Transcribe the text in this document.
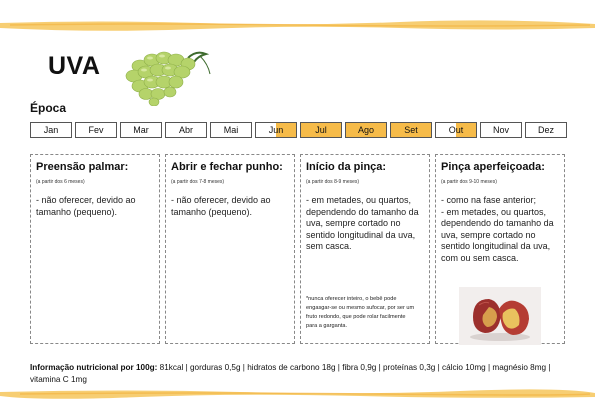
UVA
Época
Jan	Fev	Mar	Abr	Mai	Jun	Jul	Ago	Set	Out	Nov	Dez
Preensão palmar:
(a partir dos 6 meses)

- não oferecer, devido ao tamanho (pequeno).

Abrir e fechar punho:
(a partir dos 7-8 meses)

- não oferecer, devido ao tamanho (pequeno).

Início da pinça:
(a partir dos 8-9 meses)

- em metades, ou quartos, dependendo do tamanho da uva, sempre cortado no sentido longitudinal da uva, sem casca.

*nunca oferecer inteiro, o bebê pode engasgar-se ou mesmo sufocar, por ser um fruto redondo, que pode rolar facilmente para a garganta.
Pinça aperfeiçoada:
(a partir dos 9-10 meses)

- como na fase anterior;

- em metades, ou quartos, dependendo do tamanho da uva, sempre cortado no sentido longitudinal da uva, com ou sem casca.

Informação nutricional por 100g: 81kcal | gorduras 0,5g | hidratos de carbono 18g | fibra 0,9g | proteínas 0,3g | cálcio 10mg | magnésio 8mg | vitamina C 1mg
